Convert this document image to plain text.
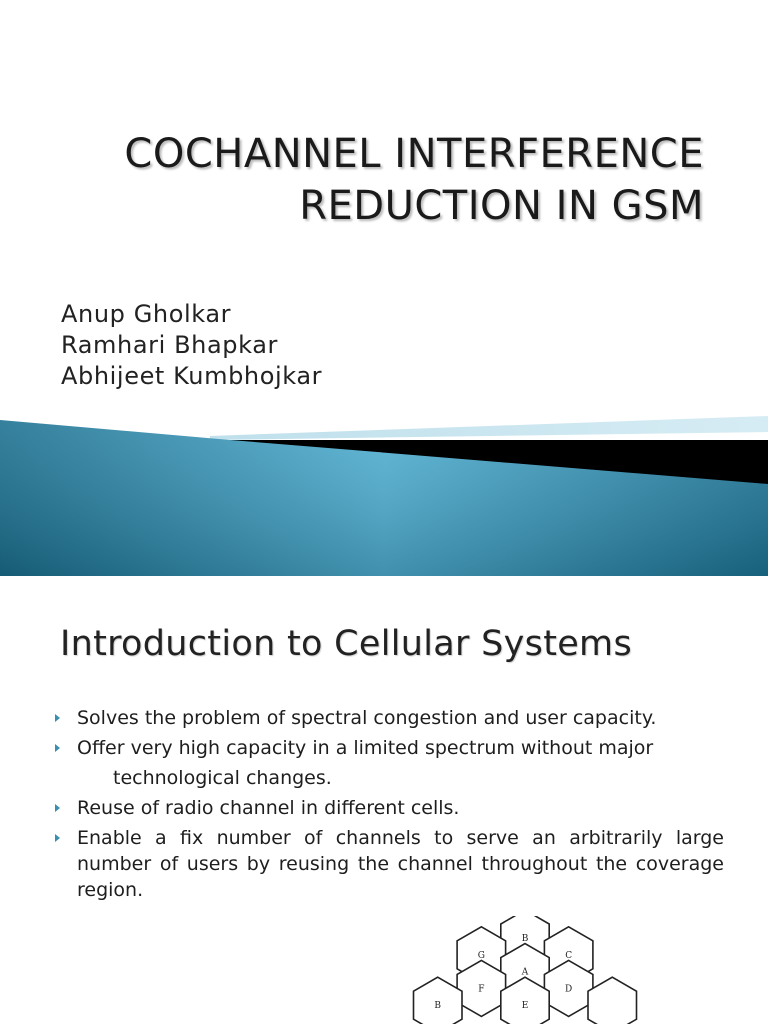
COCHANNEL INTERFERENCE
REDUCTION IN GSM
Anup Gholkar
Ramhari Bhapkar
Abhijeet Kumbhojkar
Introduction to Cellular Systems
Solves the problem of spectral congestion and user capacity.
Offer very high capacity in a limited spectrum without major
technological changes.
Reuse of radio channel in different cells.
Enable a fix number of channels to serve an arbitrarily large number of users by reusing the channel throughout the coverage region.
B
G	C
A
F	D
E
B
